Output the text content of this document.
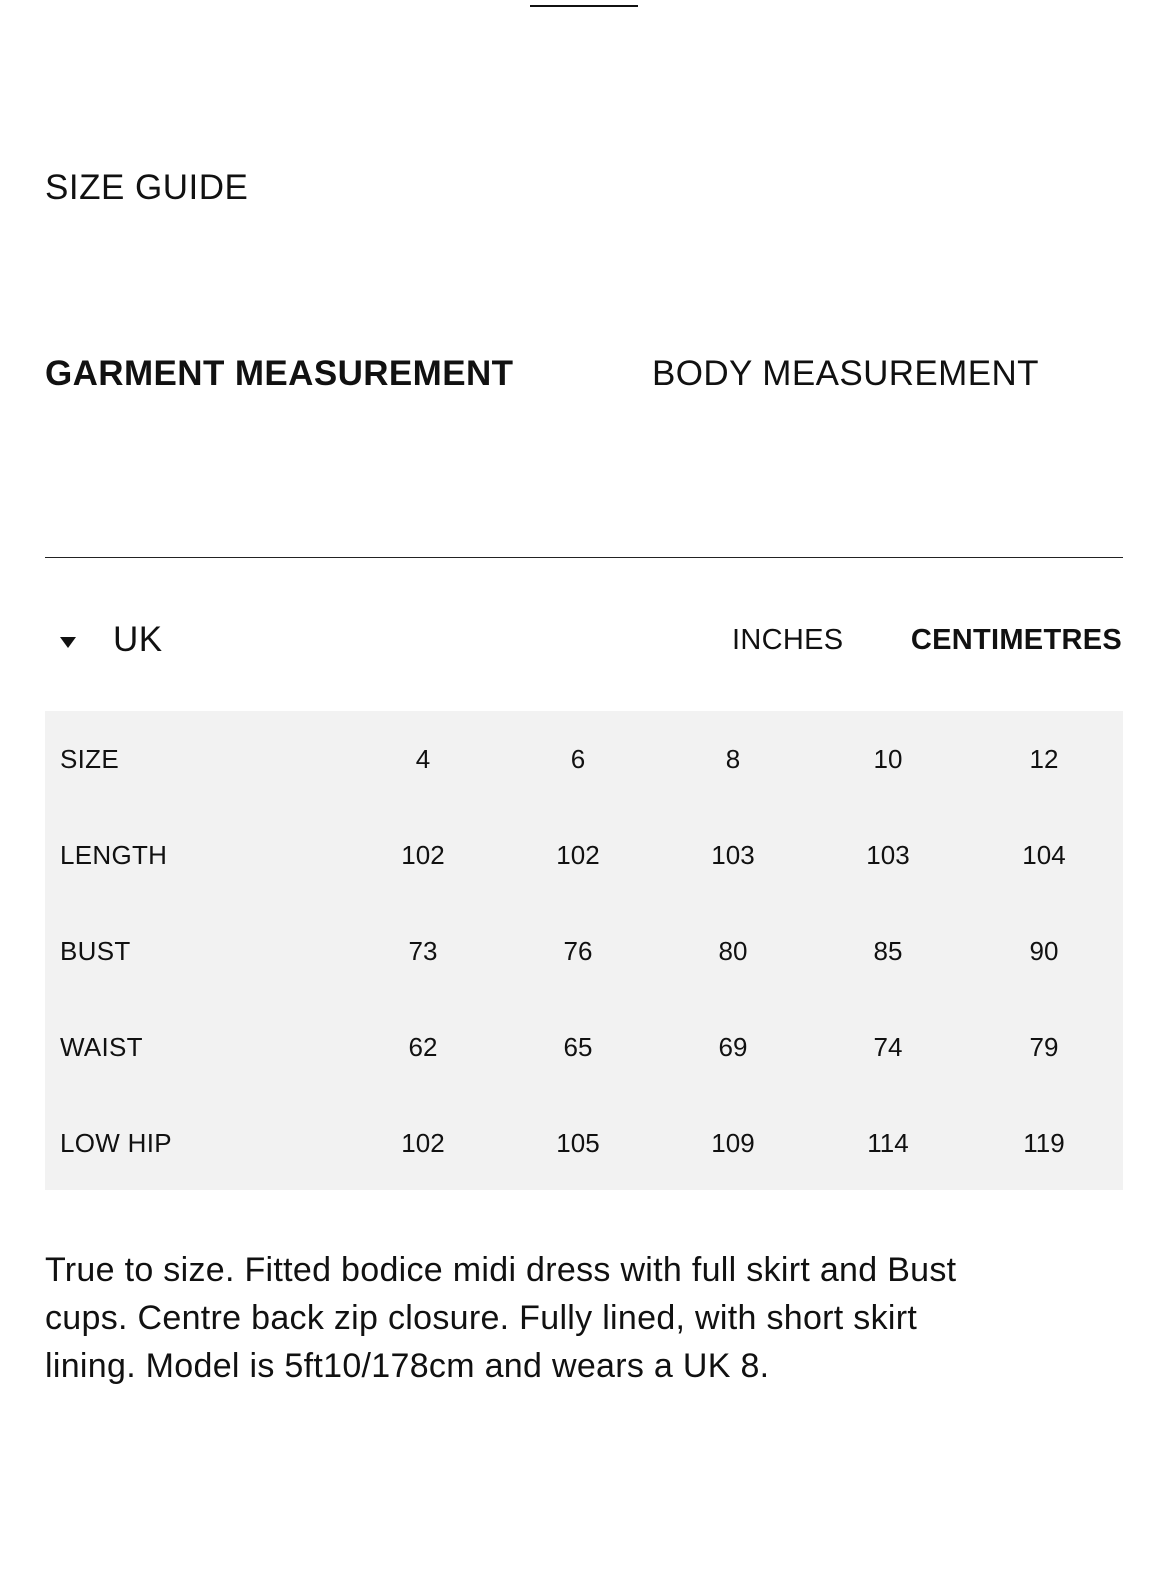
SIZE GUIDE
GARMENT MEASUREMENT	BODY MEASUREMENT
UK	INCHES CENTIMETRES
SIZE	4	6	8	10	12
LENGTH	102	102	103	103	104
BUST	73	76	80	85	90
WAIST	62	65	69	74	79
LOW HIP	102	105	109	114	119
True to size. Fitted bodice midi dress with full skirt and Bust cups. Centre back zip closure. Fully lined, with short skirt lining. Model is 5ft10/178cm and wears a UK 8.
